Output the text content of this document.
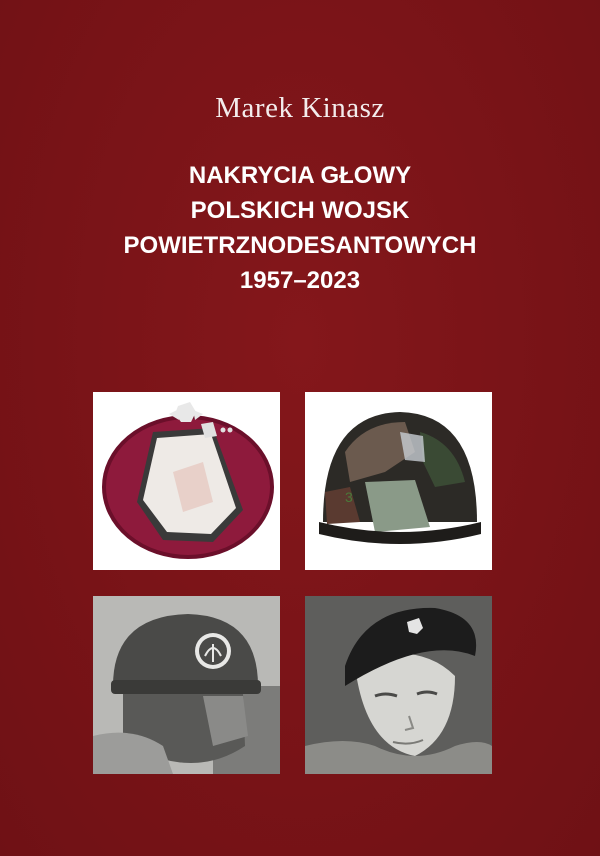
Marek Kinasz
NAKRYCIA GŁOWY
POLSKICH WOJSK
POWIETRZNODESANTOWYCH
1957–2023
3
